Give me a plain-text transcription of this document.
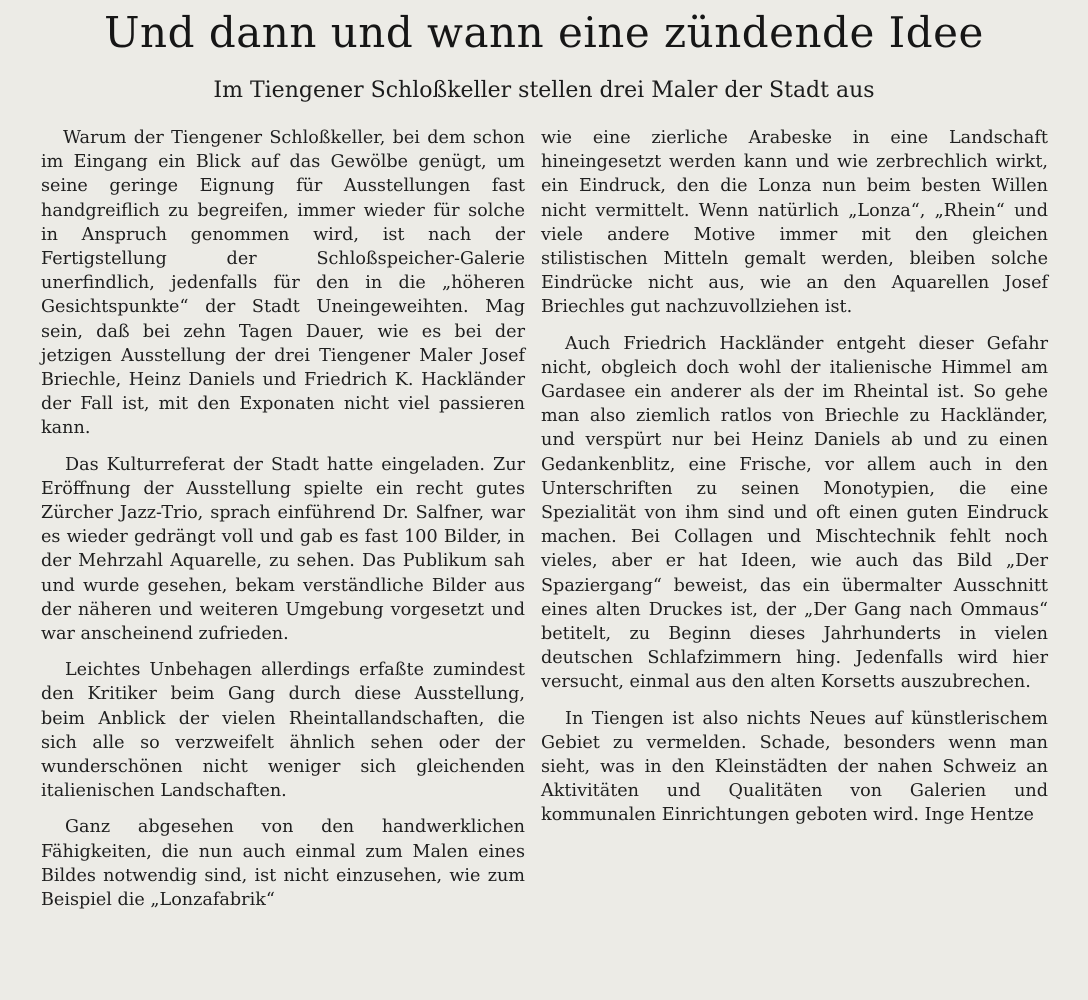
Und dann und wann eine zündende Idee
Im Tiengener Schloßkeller stellen drei Maler der Stadt aus

Warum der Tiengener Schloßkeller, bei dem schon im Eingang ein Blick auf das Gewölbe genügt, um seine geringe Eignung für Ausstellungen fast handgreiflich zu begreifen, immer wieder für solche in Anspruch genommen wird, ist nach der Fertigstellung der Schloßspeicher-Galerie unerfindlich, jedenfalls für den in die „höheren Gesichtspunkte“ der Stadt Uneingeweihten. Mag sein, daß bei zehn Tagen Dauer, wie es bei der jetzigen Ausstellung der drei Tiengener Maler Josef Briechle, Heinz Daniels und Friedrich K. Hackländer der Fall ist, mit den Exponaten nicht viel passieren kann.

Das Kulturreferat der Stadt hatte eingeladen. Zur Eröffnung der Ausstellung spielte ein recht gutes Zürcher Jazz-Trio, sprach einführend Dr. Salfner, war es wieder gedrängt voll und gab es fast 100 Bilder, in der Mehrzahl Aquarelle, zu sehen. Das Publikum sah und wurde gesehen, bekam verständliche Bilder aus der näheren und weiteren Umgebung vorgesetzt und war anscheinend zufrieden.

Leichtes Unbehagen allerdings erfaßte zumindest den Kritiker beim Gang durch diese Ausstellung, beim Anblick der vielen Rheintallandschaften, die sich alle so verzweifelt ähnlich sehen oder der wunderschönen nicht weniger sich gleichenden italienischen Landschaften.

Ganz abgesehen von den handwerklichen Fähigkeiten, die nun auch einmal zum Malen eines Bildes notwendig sind, ist nicht einzusehen, wie zum Beispiel die „Lonzafabrik“

wie eine zierliche Arabeske in eine Landschaft hineingesetzt werden kann und wie zerbrechlich wirkt, ein Eindruck, den die Lonza nun beim besten Willen nicht vermittelt. Wenn natürlich „Lonza“, „Rhein“ und viele andere Motive immer mit den gleichen stilistischen Mitteln gemalt werden, bleiben solche Eindrücke nicht aus, wie an den Aquarellen Josef Briechles gut nachzuvollziehen ist.

Auch Friedrich Hackländer entgeht dieser Gefahr nicht, obgleich doch wohl der italienische Himmel am Gardasee ein anderer als der im Rheintal ist. So gehe man also ziemlich ratlos von Briechle zu Hackländer, und verspürt nur bei Heinz Daniels ab und zu einen Gedankenblitz, eine Frische, vor allem auch in den Unterschriften zu seinen Monotypien, die eine Spezialität von ihm sind und oft einen guten Eindruck machen. Bei Collagen und Mischtechnik fehlt noch vieles, aber er hat Ideen, wie auch das Bild „Der Spaziergang“ beweist, das ein übermalter Ausschnitt eines alten Druckes ist, der „Der Gang nach Ommaus“ betitelt, zu Beginn dieses Jahrhunderts in vielen deutschen Schlafzimmern hing. Jedenfalls wird hier versucht, einmal aus den alten Korsetts auszubrechen.

In Tiengen ist also nichts Neues auf künstlerischem Gebiet zu vermelden. Schade, besonders wenn man sieht, was in den Kleinstädten der nahen Schweiz an Aktivitäten und Qualitäten von Galerien und kommunalen Einrichtungen geboten wird. Inge Hentze
